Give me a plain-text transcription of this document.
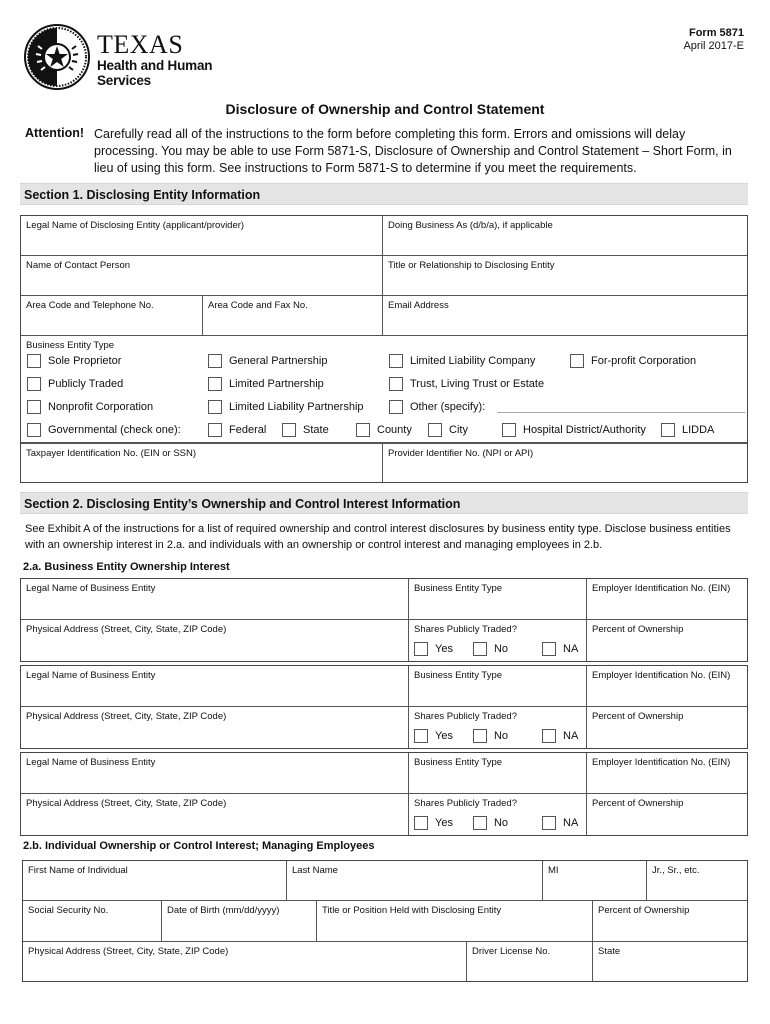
TEXAS
Health and Human
Services
Form 5871
April 2017-E
Disclosure of Ownership and Control Statement
Attention! Carefully read all of the instructions to the form before completing this form. Errors and omissions will delay processing. You may be able to use Form 5871-S, Disclosure of Ownership and Control Statement – Short Form, in lieu of using this form. See instructions to Form 5871-S to determine if you meet the requirements.
Section 1. Disclosing Entity Information
Legal Name of Disclosing Entity (applicant/provider)	Doing Business As (d/b/a), if applicable
Name of Contact Person	Title or Relationship to Disclosing Entity
Area Code and Telephone No.	Area Code and Fax No.	Email Address
Business Entity Type
Sole Proprietor	General Partnership	Limited Liability Company	For-profit Corporation
Publicly Traded	Limited Partnership	Trust, Living Trust or Estate
Nonprofit Corporation	Limited Liability Partnership	Other (specify):
Governmental (check one):	Federal	State	County	City	Hospital District/Authority	LIDDA
Taxpayer Identification No. (EIN or SSN)	Provider Identifier No. (NPI or API)
Section 2. Disclosing Entity’s Ownership and Control Interest Information
See Exhibit A of the instructions for a list of required ownership and control interest disclosures by business entity type. Disclose business entities with an ownership interest in 2.a. and individuals with an ownership or control interest and managing employees in 2.b.
2.a. Business Entity Ownership Interest
Legal Name of Business Entity	Business Entity Type	Employer Identification No. (EIN)
Physical Address (Street, City, State, ZIP Code)	Shares Publicly Traded?	Percent of Ownership
Yes	No	NA
Legal Name of Business Entity	Business Entity Type	Employer Identification No. (EIN)
Physical Address (Street, City, State, ZIP Code)	Shares Publicly Traded?	Percent of Ownership
Yes	No	NA
Legal Name of Business Entity	Business Entity Type	Employer Identification No. (EIN)
Physical Address (Street, City, State, ZIP Code)	Shares Publicly Traded?	Percent of Ownership
Yes	No	NA
2.b. Individual Ownership or Control Interest; Managing Employees
First Name of Individual	Last Name	MI	Jr., Sr., etc.
Social Security No.	Date of Birth (mm/dd/yyyy)	Title or Position Held with Disclosing Entity	Percent of Ownership
Physical Address (Street, City, State, ZIP Code)	Driver License No.	State
